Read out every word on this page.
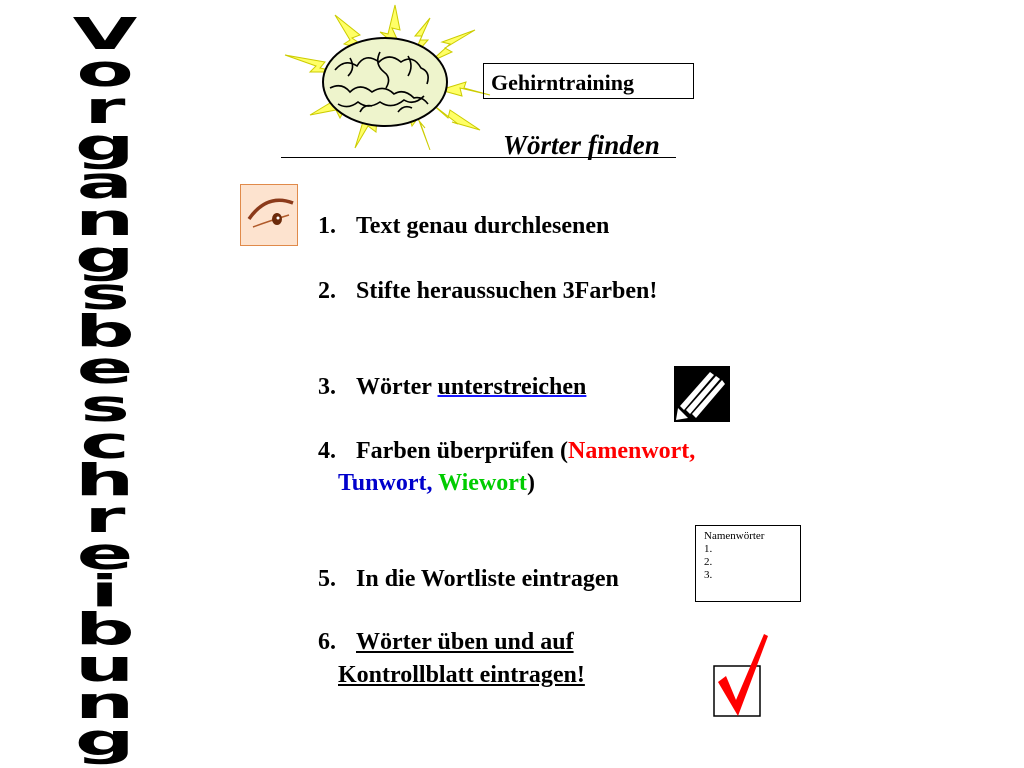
V
o
r
g
a
n
g
s
b
e
s
c
h
r
e
i
b
u
n
g
Gehirntraining
Wörter finden
1. Text genau durchlesenen
2. Stifte heraussuchen 3Farben!
3. Wörter unterstreichen
4. Farben überprüfen (Namenwort,
Tunwort, Wiewort)
5. In die Wortliste eintragen
6. Wörter üben und auf
Kontrollblatt eintragen!
Namenwörter
1.
2.
3.
